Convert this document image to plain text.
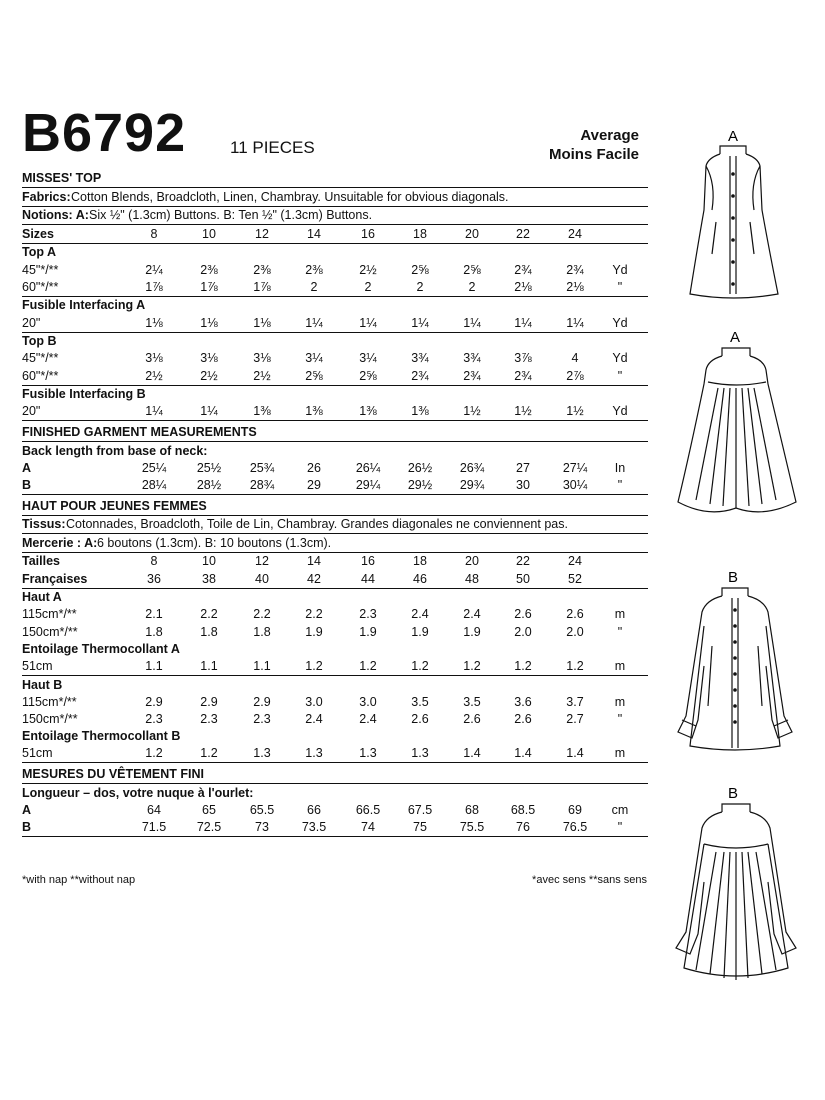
B6792	11 PIECES
Average
Moins Facile
MISSES' TOP
Fabrics: Cotton Blends, Broadcloth, Linen, Chambray. Unsuitable for obvious diagonals.
Notions: A: Six ½" (1.3cm) Buttons. B: Ten ½" (1.3cm) Buttons.
Sizes	8	10	12	14	16	18	20	22	24
Top A
45"*/**	2¼	2⅜	2⅜	2⅜	2½	2⅝	2⅝	2¾	2¾	Yd
60"*/**	1⅞	1⅞	1⅞	2	2	2	2	2⅛	2⅛	"
Fusible Interfacing A
20"	1⅛	1⅛	1⅛	1¼	1¼	1¼	1¼	1¼	1¼	Yd
Top B
45"*/**	3⅛	3⅛	3⅛	3¼	3¼	3¾	3¾	3⅞	4	Yd
60"*/**	2½	2½	2½	2⅝	2⅝	2¾	2¾	2¾	2⅞	"
Fusible Interfacing B
20"	1¼	1¼	1⅜	1⅜	1⅜	1⅜	1½	1½	1½	Yd
FINISHED GARMENT MEASUREMENTS
Back length from base of neck:
A	25¼	25½	25¾	26	26¼	26½	26¾	27	27¼	In
B	28¼	28½	28¾	29	29¼	29½	29¾	30	30¼	"
HAUT POUR JEUNES FEMMES
Tissus: Cotonnades, Broadcloth, Toile de Lin, Chambray. Grandes diagonales ne conviennent pas.
Mercerie : A: 6 boutons (1.3cm). B: 10 boutons (1.3cm).
Tailles	8	10	12	14	16	18	20	22	24
Françaises	36	38	40	42	44	46	48	50	52
Haut A
115cm*/**	2.1	2.2	2.2	2.2	2.3	2.4	2.4	2.6	2.6	m
150cm*/**	1.8	1.8	1.8	1.9	1.9	1.9	1.9	2.0	2.0	"
Entoilage Thermocollant A
51cm	1.1	1.1	1.1	1.2	1.2	1.2	1.2	1.2	1.2	m
Haut B
115cm*/**	2.9	2.9	2.9	3.0	3.0	3.5	3.5	3.6	3.7	m
150cm*/**	2.3	2.3	2.3	2.4	2.4	2.6	2.6	2.6	2.7	"
Entoilage Thermocollant B
51cm	1.2	1.2	1.3	1.3	1.3	1.3	1.4	1.4	1.4	m
MESURES DU VÊTEMENT FINI
Longueur – dos, votre nuque à l'ourlet:
A	64	65	65.5	66	66.5	67.5	68	68.5	69	cm
B	71.5	72.5	73	73.5	74	75	75.5	76	76.5	"
*with nap **without nap	*avec sens **sans sens
A
A
B
B
